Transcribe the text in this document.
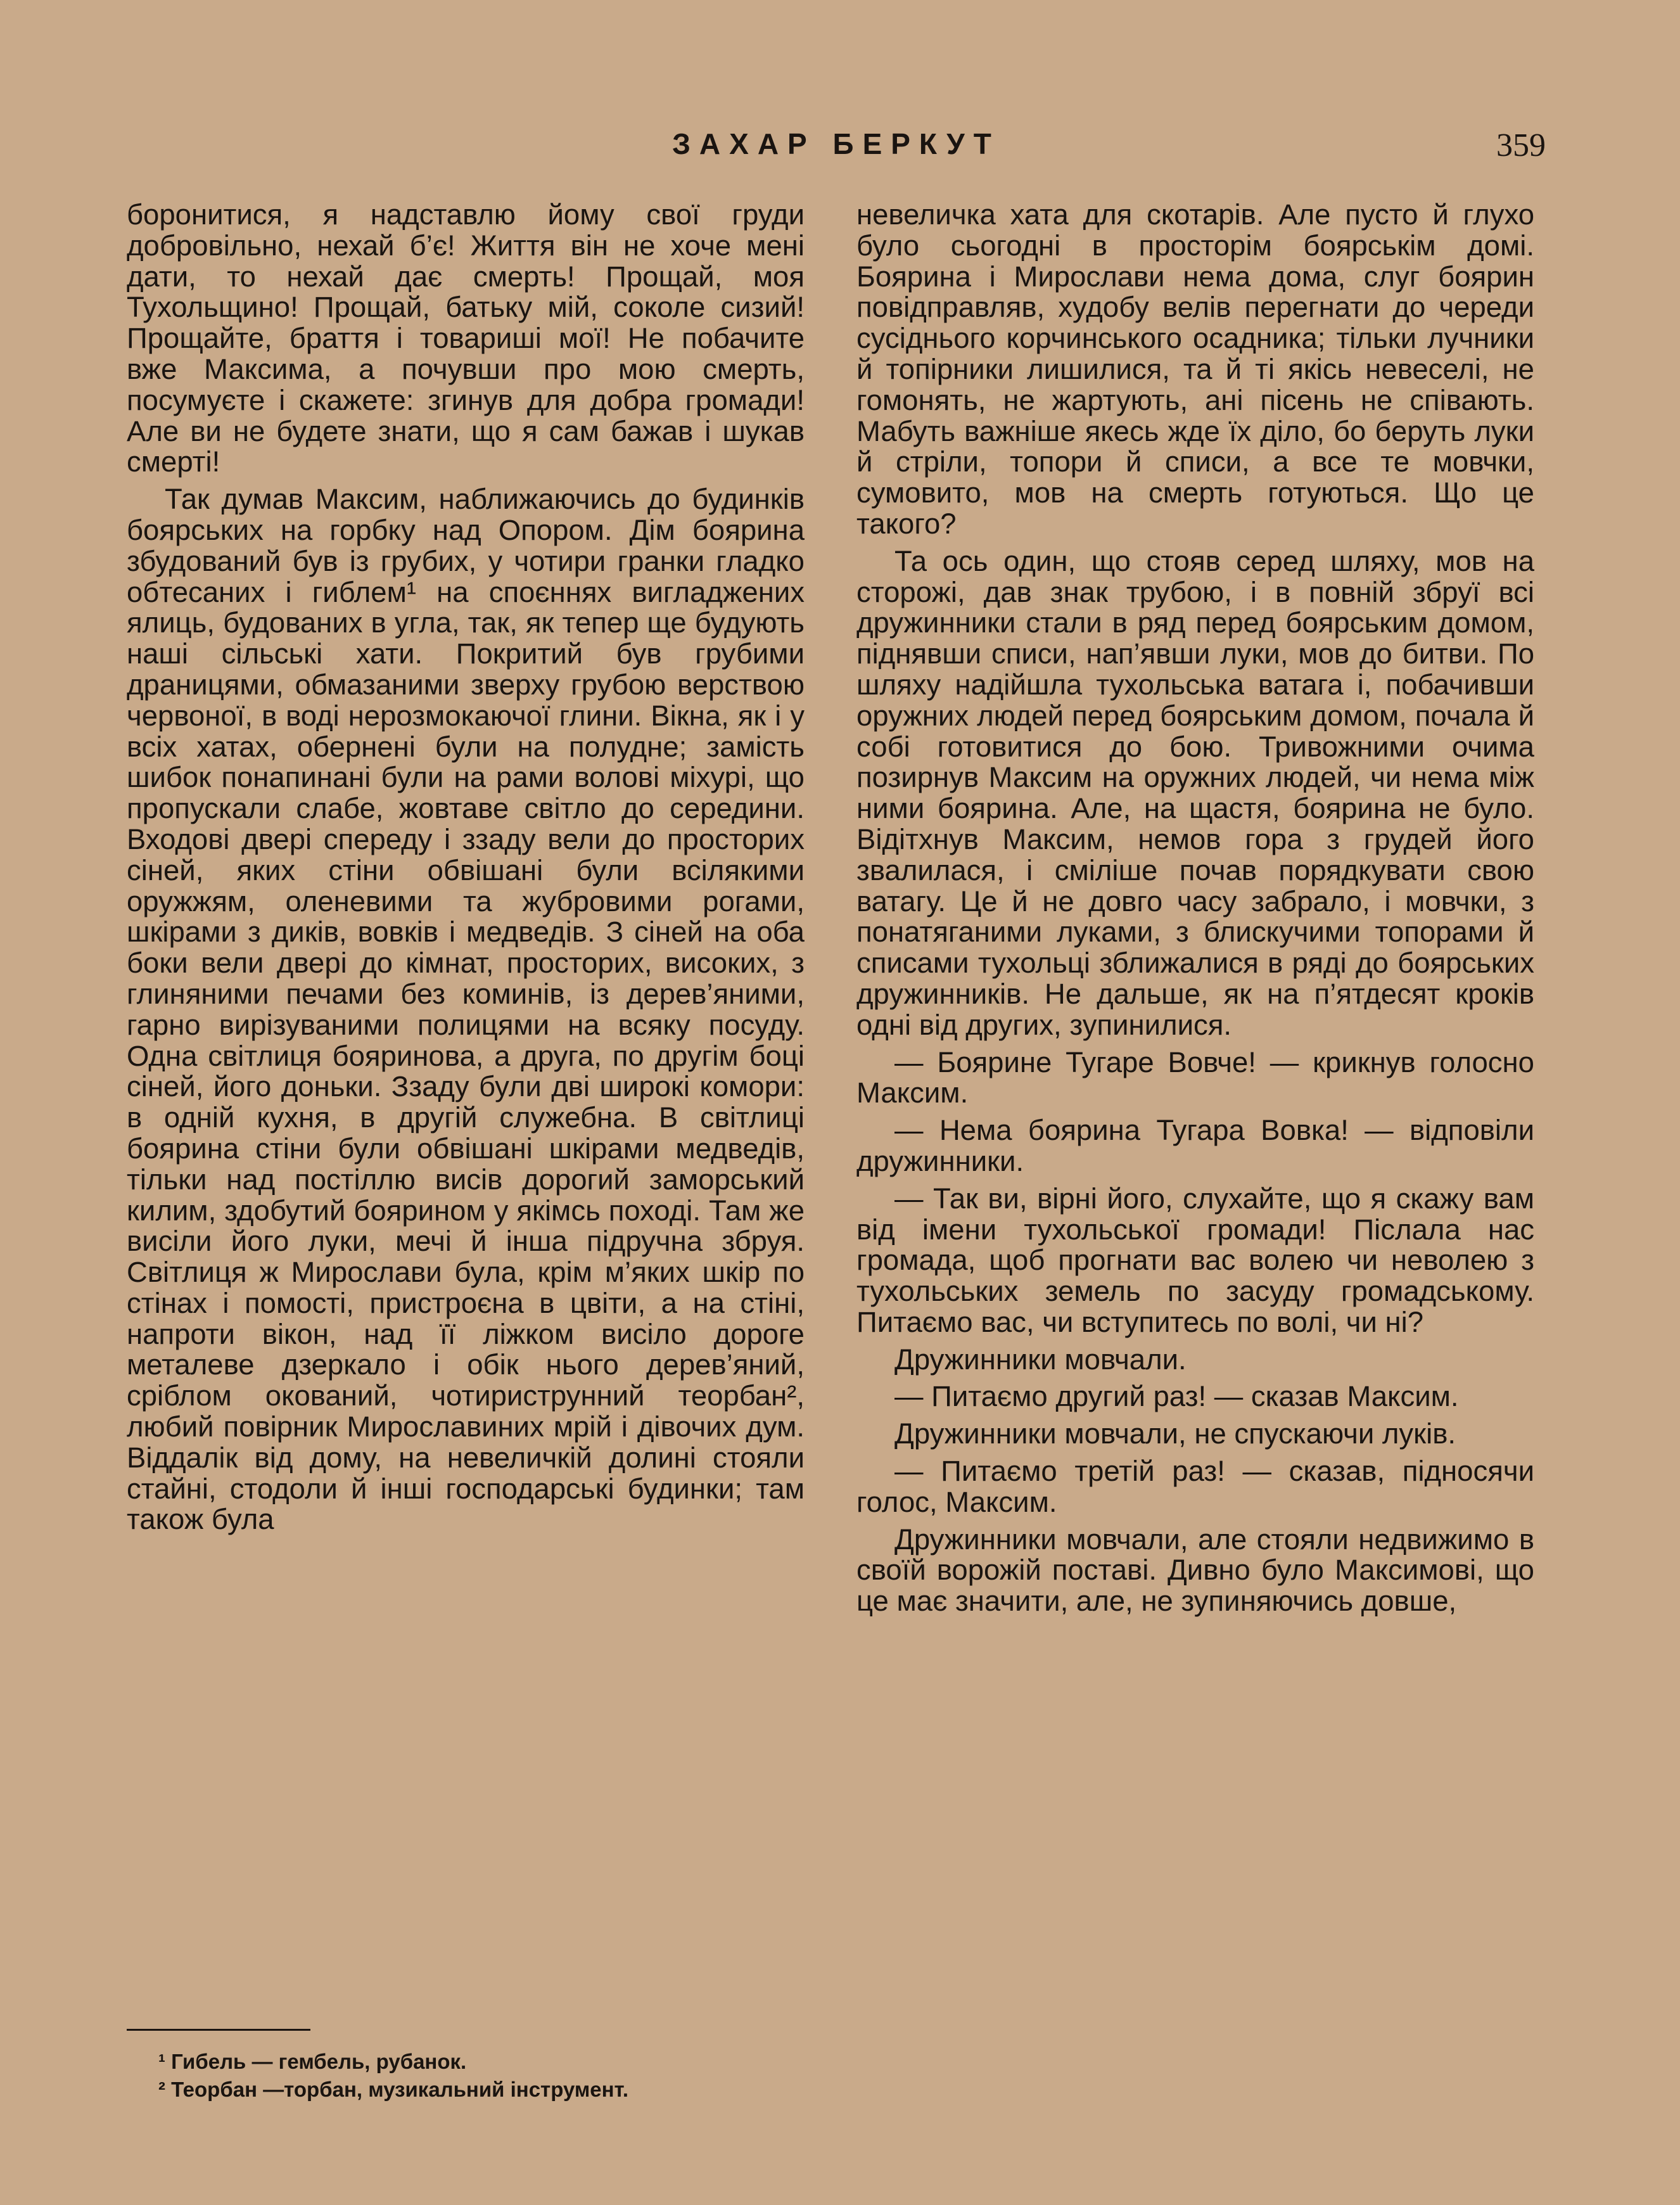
ЗАХАР БЕРКУТ	359

боронитися, я надставлю йому свої груди добровільно, нехай б’є! Життя він не хоче мені дати, то нехай дає смерть! Прощай, моя Тухольщино! Прощай, батьку мій, соколе сизий! Прощайте, браття і товариші мої! Не побачите вже Максима, а почувши про мою смерть, посумуєте і скажете: згинув для добра громади! Але ви не будете знати, що я сам бажав і шукав смерті!

Так думав Максим, наближаючись до будинків боярських на горбку над Опором. Дім боярина збудований був із грубих, у чотири гранки гладко обтесаних і гиблем¹ на споєннях вигладжених ялиць, будованих в угла, так, як тепер ще будують наші сільські хати. Покритий був грубими драницями, обмазаними зверху грубою верствою червоної, в воді нерозмокаючої глини. Вікна, як і у всіх хатах, обернені були на полудне; замість шибок понапинані були на рами волові міхурі, що пропускали слабе, жовтаве світло до середини. Входові двері спереду і ззаду вели до просторих сіней, яких стіни обвішані були всілякими оружжям, оленевими та жубровими рогами, шкірами з диків, вовків і медведів. З сіней на оба боки вели двері до кімнат, просторих, високих, з глиняними печами без коминів, із дерев’яними, гарно вирізуваними полицями на всяку посуду. Одна світлиця бояринова, а друга, по другім боці сіней, його доньки. Ззаду були дві широкі комори: в одній кухня, в другій служебна. В світлиці боярина стіни були обвішані шкірами медведів, тільки над постіллю висів дорогий заморський килим, здобутий боярином у якімсь поході. Там же висіли його луки, мечі й інша підручна збруя. Світлиця ж Мирослави була, крім м’яких шкір по стінах і помості, пристроєна в цвіти, а на стіні, напроти вікон, над її ліжком висіло дороге металеве дзеркало і обік нього дерев’яний, сріблом окований, чотириструнний теорбан², любий повірник Мирославиних мрій і дівочих дум. Віддалік від дому, на невеличкій долині стояли стайні, стодоли й інші господарські будинки; там також була

невеличка хата для скотарів. Але пусто й глухо було сьогодні в просторім боярськім домі. Боярина і Мирослави нема дома, слуг боярин повідправляв, худобу велів перегнати до череди сусіднього корчинського осадника; тільки лучники й топірники лишилися, та й ті якісь невеселі, не гомонять, не жартують, ані пісень не співають. Мабуть важніше якесь жде їх діло, бо беруть луки й стріли, топори й списи, а все те мовчки, сумовито, мов на смерть готуються. Що це такого?

Та ось один, що стояв серед шляху, мов на сторожі, дав знак трубою, і в повній збруї всі дружинники стали в ряд перед боярським домом, піднявши списи, нап’явши луки, мов до битви. По шляху надійшла тухольська ватага і, побачивши оружних людей перед боярським домом, почала й собі готовитися до бою. Тривожними очима позирнув Максим на оружних людей, чи нема між ними боярина. Але, на щастя, боярина не було. Відітхнув Максим, немов гора з грудей його звалилася, і сміліше почав порядкувати свою ватагу. Це й не довго часу забрало, і мовчки, з понатяганими луками, з блискучими топорами й списами тухольці зближалися в ряді до боярських дружинників. Не дальше, як на п’ятдесят кроків одні від других, зупинилися.

— Бояринe Тугаре Вовче! — крикнув голосно Максим.

— Нема боярина Тугара Вовка! — відповіли дружинники.

— Так ви, вірні його, слухайте, що я скажу вам від імени тухольської громади! Післала нас громада, щоб прогнати вас волею чи неволею з тухольських земель по засуду громадському. Питаємо вас, чи вступитесь по волі, чи ні?

Дружинники мовчали.

— Питаємо другий раз! — сказав Максим.

Дружинники мовчали, не спускаючи луків.

— Питаємо третій раз! — сказав, підносячи голос, Максим.

Дружинники мовчали, але стояли недвижимо в своїй ворожій поставі. Дивно було Максимові, що це має значити, але, не зупиняючись довше,

¹ Гибель — гембель, рубанок.
² Теорбан —торбан, музикальний інструмент.
